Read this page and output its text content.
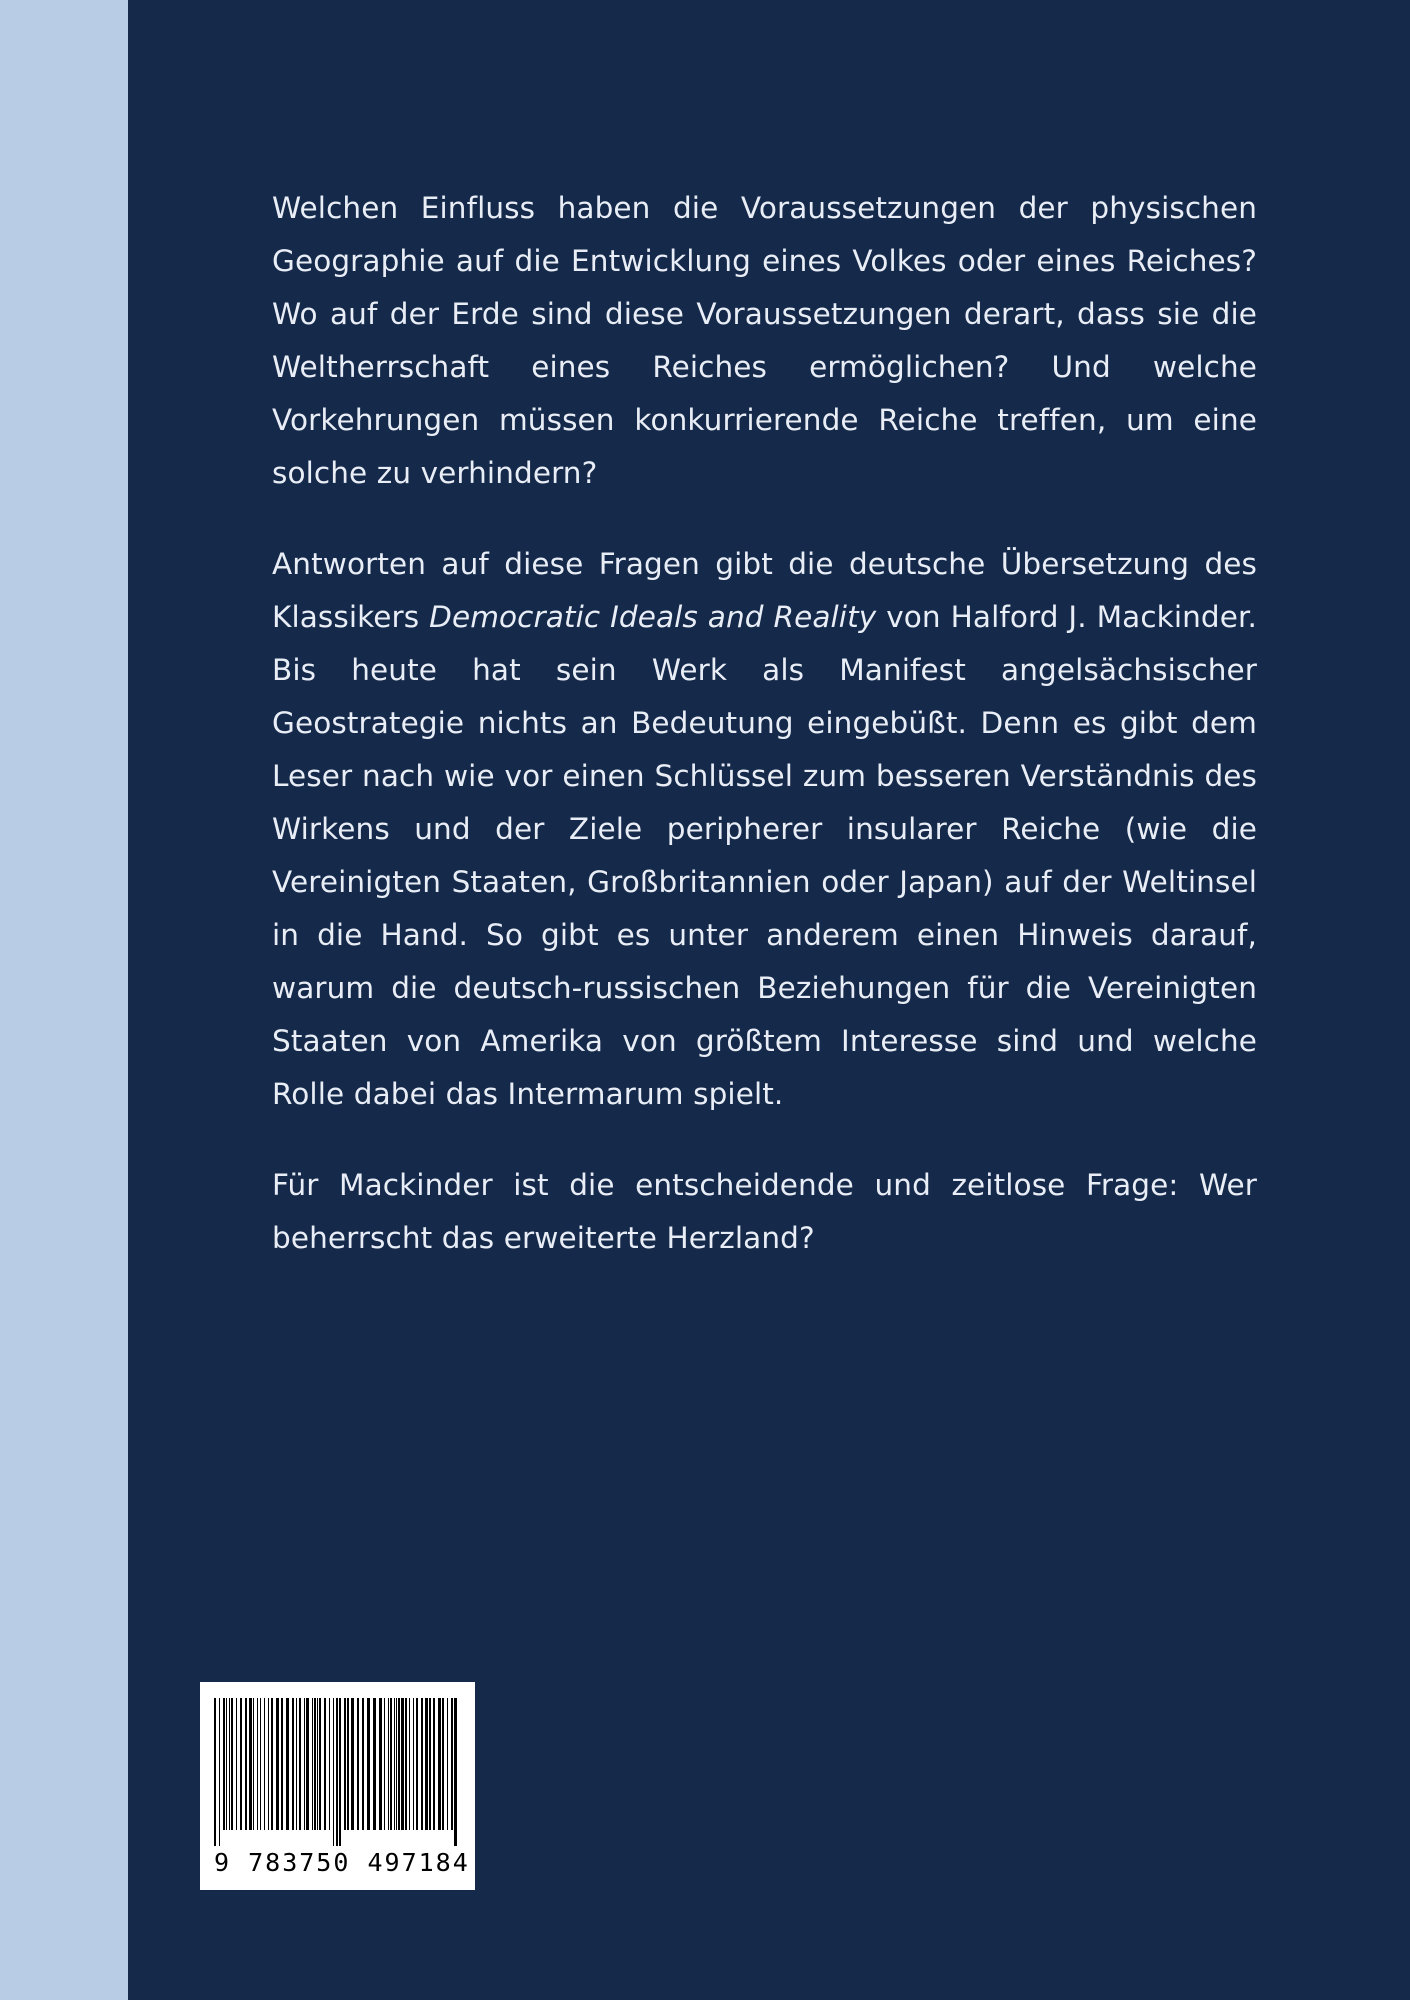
Welchen Einfluss haben die Voraussetzungen der physischen Geographie auf die Entwicklung eines Volkes oder eines Reiches? Wo auf der Erde sind diese Voraussetzungen derart, dass sie die Weltherrschaft eines Reiches ermöglichen? Und welche Vorkehrungen müssen konkurrierende Reiche treffen, um eine solche zu verhindern?

Antworten auf diese Fragen gibt die deutsche Übersetzung des Klassikers Democratic Ideals and Reality von Halford J. Mackinder. Bis heute hat sein Werk als Manifest angelsächsischer Geostrategie nichts an Bedeutung eingebüßt. Denn es gibt dem Leser nach wie vor einen Schlüssel zum besseren Verständnis des Wirkens und der Ziele peripherer insularer Reiche (wie die Vereinigten Staaten, Großbritannien oder Japan) auf der Weltinsel in die Hand. So gibt es unter anderem einen Hinweis darauf, warum die deutsch-russischen Beziehungen für die Vereinigten Staaten von Amerika von größtem Interesse sind und welche Rolle dabei das Intermarum spielt.

Für Mackinder ist die entscheidende und zeitlose Frage: Wer beherrscht das erweiterte Herzland?

9 783750 497184
